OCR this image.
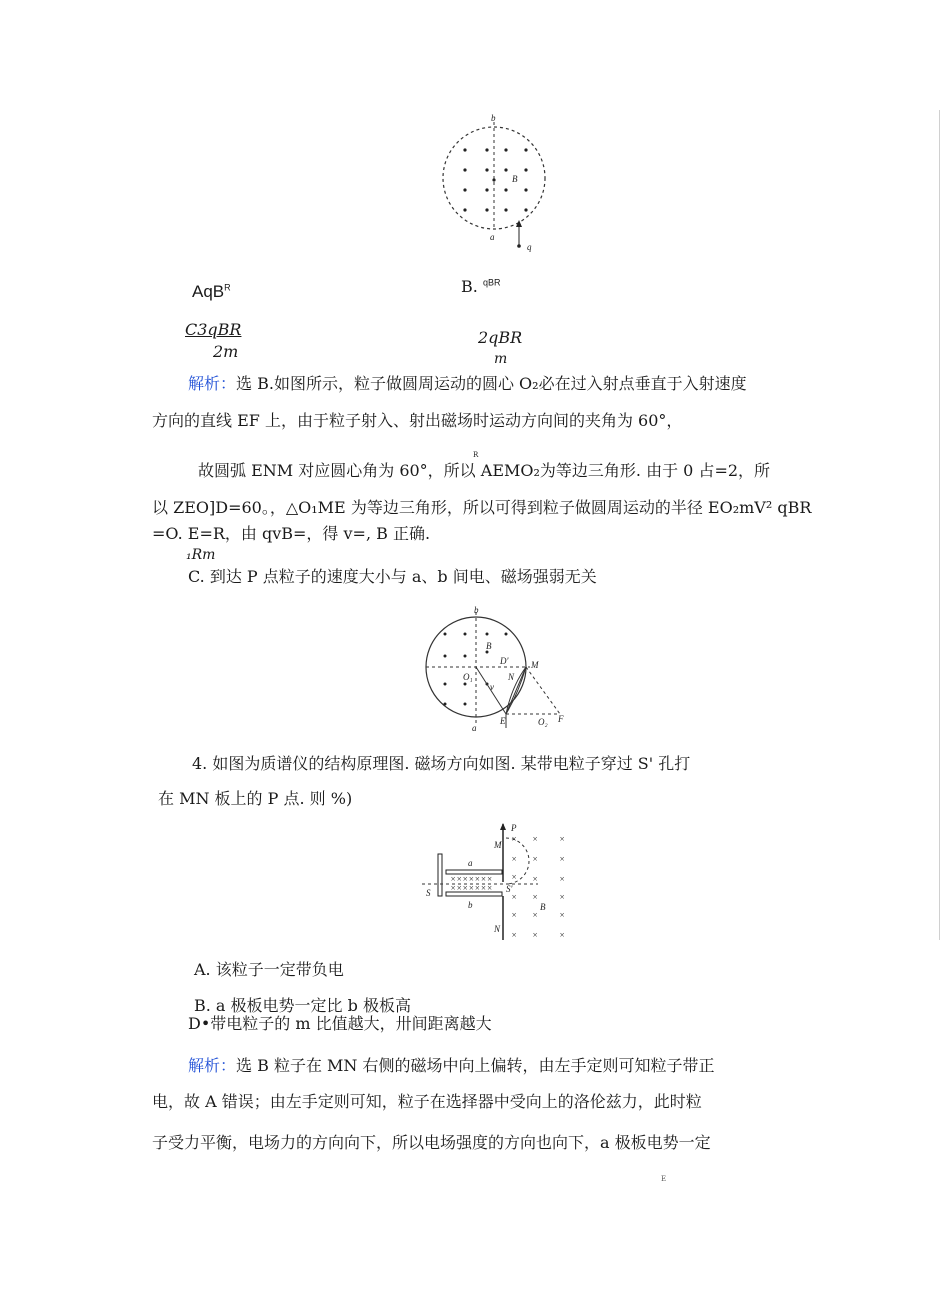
b
B
a
q
AqB$^R$	B. $^{qBR}$
C3qBR
2m
2qBR
m
解析：选 B.如图所示，粒子做圆周运动的圆心 O₂必在过入射点垂直于入射速度
方向的直线 EF 上，由于粒子射入、射出磁场时运动方向间的夹角为 60°，
R
故圆弧 ENM 对应圆心角为 60°，所以 AEMO₂为等边三角形. 由于 0 占=2，所
以 ZEO]D=60。，△O₁ME 为等边三角形，所以可得到粒子做圆周运动的半径 EO₂mV² qBR
=O. E=R，由 qvB=，得 v=, B 正确.
₁Rm
C. 到达 P 点粒子的速度大小与 a、b 间电、磁场强弱无关
b
B
D'	M
O₁	N
v
E
a
O₂ F
4. 如图为质谱仪的结构原理图. 磁场方向如图. 某带电粒子穿过 S' 孔打
在 MN 板上的 P 点. 则 %)
×××××××
×××××××
× × ×
× × ×
× × ×
× × ×
× × ×
× × ×
P
M
a
S	S'
b	B
N
A. 该粒子一定带负电
B. a 极板电势一定比 b 极板高
D•带电粒子的 m 比值越大，卅间距离越大
解析：选 B 粒子在 MN 右侧的磁场中向上偏转，由左手定则可知粒子带正
电，故 A 错误；由左手定则可知，粒子在选择器中受向上的洛伦兹力，此时粒
子受力平衡，电场力的方向向下，所以电场强度的方向也向下，a 极板电势一定
E
